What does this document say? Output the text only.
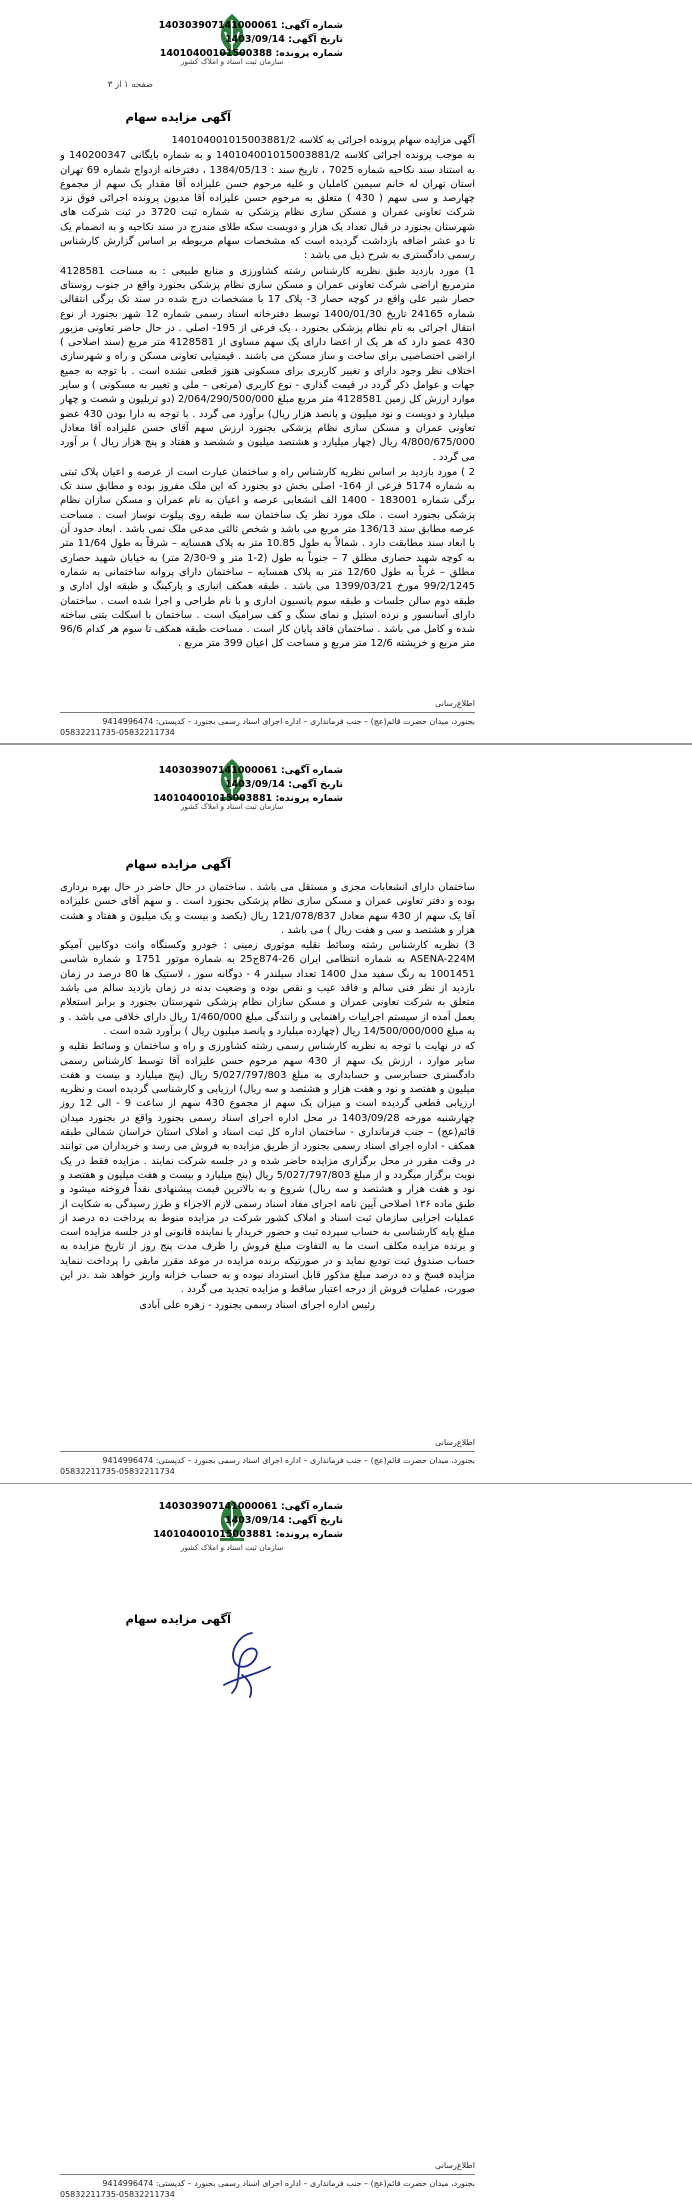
سازمان ثبت اسناد و املاک کشور
شماره آگهی: 140303907141000061
تاریخ آگهی: 1403/09/14
شماره پرونده: 14010400101500388
صفحه ۱ از ۳
آگهی مزایده سهام

آگهی مزایده سهام پرونده اجرائی به کلاسه 140104001015003881/2

به موجب پرونده اجرائی کلاسه 140104001015003881/2 و به شماره بایگانی 140200347 و به استناد سند نکاحیه شماره 7025 ، تاریخ سند : 1384/05/13 ، دفترخانه ازدواج شماره 69 تهران استان تهران له خانم سیمین کاملیان و علیه مرحوم حسن علیزاده آقا مقدار یک سهم از مجموع چهارصد و سی سهم ( 430 ) متعلق به مرحوم حسن علیزاده آقا مدیون پرونده اجرائی فوق نزد شرکت تعاونی عمران و مسکن سازی نظام پزشکی به شماره ثبت 3720 در ثبت شرکت های شهرستان بجنورد در قبال تعداد یک هزار و دویست سکه طلای مندرج در سند نکاحیه و به انضمام یک تا دو عشر اضافه بازداشت گردیده است که مشخصات سهام مربوطه بر اساس گزارش کارشناس رسمی دادگستری به شرح ذیل می باشد :

1) مورد بازدید طبق نظریه کارشناس رشته کشاورزی و منابع طبیعی : به مساحت 4128581 مترمربع اراضی شرکت تعاونی عمران و مسکن سازی نظام پزشکی بجنورد واقع در جنوب روستای حصار شیر علی واقع در کوچه حصار 3- پلاک 17 با مشخصات درج شده در سند تک برگی انتقالی شماره 24165 تاریخ 1400/01/30 توسط دفترخانه اسناد رسمی شماره 12 شهر بجنورد از نوع انتقال اجرائی به نام نظام پزشکی بجنورد ، یک فرعی از 195- اصلی . در حال حاضر تعاونی مزبور 430 عضو دارد که هر یک از اعضا دارای یک سهم مساوی از 4128581 متر مربع (سند اصلاحی ) اراضی اختصاصیی برای ساخت و ساز مسکن می باشند . قیمتیابی تعاونی مسکن و راه و شهرسازی اختلاف نظر وجود دارای و تغییر کاربری برای مسکونی هنوز قطعی نشده است . با توجه به جمیع جهات و عوامل ذکر گردد در قیمت گذاری - نوع کاربری (مرتعی – ملی و تغییر به مسکونی ) و سایر موارد ارزش کل زمین 4128581 متر مربع مبلغ 2/064/290/500/000 (دو تریلیون و شصت و چهار میلیارد و دویست و نود میلیون و پانصد هزار ریال) برآورد می گردد . با توجه به دارا بودن 430 عضو تعاونی عمران و مسکن سازی نظام پزشکی بجنورد ارزش سهم آقای حسن علیزاده آقا معادل 4/800/675/000 ریال (چهار میلیارد و هشتصد میلیون و ششصد و هفتاد و پنج هزار ریال ) بر آورد می گردد .

2 ) مورد بازدید بر اساس نظریه کارشناس راه و ساختمان عبارت است از عرصه و اعیان پلاک ثبتی به شماره 5174 فرعی از 164- اصلی بخش دو بجنورد که این ملک مفروز بوده و مطابق سند تک برگی شماره 183001 - 1400 الف انشعابی عرصه و اعیان به نام عمران و مسکن سازان نظام پزشکی بجنورد است . ملک مورد نظر یک ساختمان سه طبقه روی پیلوت نوساز است . مساحت عرصه مطابق سند 136/13 متر مربع می باشد و شخص ثالثی مدعی ملک نمی باشد . ابعاد حدود آن با ابعاد سند مطابقت دارد . شمالاً به طول 10.85 متر به پلاک همسایه – شرقاً به طول 11/64 متر به کوچه شهید حصاری مطلق 7 – جنوباً به طول (2-1 متر و 9-2/30 متر) به خیابان شهید حصاری مطلق – غرباً به طول 12/60 متر به پلاک همسایه – ساختمان دارای پروانه ساختمانی به شماره 99/2/1245 مورخ 1399/03/21 می باشد . طبقه همکف انباری و پارکینگ و طبقه اول اداری و طبقه دوم سالن جلسات و طبقه سوم پانسیون اداری و با نام طراحی و اجرا شده است . ساختمان دارای آسانسور و نرده استیل و نمای سنگ و کف سرامیک است . ساختمان با اسکلت بتنی ساخته شده و کامل می باشد . ساختمان فاقد پایان کار است . مساحت طبقه همکف تا سوم هر کدام 96/6 متر مربع و خرپشته 12/6 متر مربع و مساحت کل اعیان 399 متر مربع .

اطلاع‌رسانی
بجنورد، میدان حضرت قائم(عج) – جنب فرمانداری – اداره اجرای اسناد رسمی بجنورد – کدپستی: 9414996474
05832211735-05832211734
سازمان ثبت اسناد و املاک کشور
شماره آگهی: 140303907141000061
تاریخ آگهی: 1403/09/14
شماره پرونده: 140104001015003881
آگهی مزایده سهام

ساختمان دارای انشعابات مجزی و مستقل می باشد . ساختمان در حال حاضر در حال بهره برداری بوده و دفتر تعاونی عمران و مسکن سازی نظام پزشکی بجنورد است . و سهم آقای حسن علیزاده آقا یک سهم از 430 سهم معادل 121/078/837 ریال (یکصد و بیست و یک میلیون و هفتاد و هشت هزار و هشتصد و سی و هفت ریال ) می باشد .

3) نظریه کارشناس رشته وسائط نقلیه موتوری زمینی : خودرو وکسنگاه وانت دوکابین آمیکو ASENA-224M به شماره انتظامی ایران 26-874ج25 به شماره موتور 1751 و شماره شاسی 1001451 به رنگ سفید مدل 1400 تعداد سیلندر 4 - دوگانه سوز ، لاستیک ها 80 درصد در زمان بازدید از نظر فنی سالم و فاقد عیب و نقص بوده و وضعیت بدنه در زمان بازدید سالم می باشد متعلق به شرکت تعاونی عمران و مسکن سازان نظام پزشکی شهرستان بجنورد و برابر استعلام بعمل آمده از سیستم اجراییات راهنمایی و رانندگی مبلغ 1/460/000 ریال دارای خلافی می باشد . و به مبلغ 14/500/000/000 ریال (چهارده میلیارد و پانصد میلیون ریال ) برآورد شده است .

که در نهایت با توجه به نظریه کارشناس رسمی رشته کشاورزی و راه و ساختمان و وسائط نقلیه و سایر موارد ، ارزش یک سهم از 430 سهم مرحوم حسن علیزاده آقا توسط کارشناس رسمی دادگستری حسابرسی و حسابداری به مبلغ 5/027/797/803 ریال (پنج میلیارد و بیست و هفت میلیون و هفتصد و نود و هفت هزار و هشتصد و سه ریال) ارزیابی و کارشناسی گردیده است و نظریه ارزیابی قطعی گردیده است و میزان یک سهم از مجموع 430 سهم از ساعت 9 - الی 12 روز چهارشنبه مورخه 1403/09/28 در محل اداره اجرای اسناد رسمی بجنورد واقع در بجنورد میدان قائم(عج) – جنب فرمانداری - ساختمان اداره کل ثبت اسناد و املاک استان خراسان شمالی طبقه همکف - اداره اجرای اسناد رسمی بجنورد از طریق مزایده به فروش می رسد و خریداران می توانند در وقت مقرر در محل برگزاری مزایده حاضر شده و در جلسه شرکت نمایند . مزایده فقط در یک نوبت برگزار میگردد و از مبلغ 5/027/797/803 ریال (پنج میلیارد و بیست و هفت میلیون و هفتصد و نود و هفت هزار و هشتصد و سه ریال) شروع و به بالاترین قیمت پیشنهادی نقداً فروخته میشود و طبق ماده ۱۳۶ اصلاحی آیین نامه اجرای مفاد اسناد رسمی لازم الاجراء و طرز رسیدگی به شکایت از عملیات اجرایی سازمان ثبت اسناد و املاک کشور شرکت در مزایده منوط به پرداخت ده درصد از مبلغ پایه کارشناسی به حساب سپرده ثبت و حضور خریدار یا نماینده قانونی او در جلسه مزایده است و برنده مزایده مکلف است ما به التفاوت مبلغ فروش را ظرف مدت پنج روز از تاریخ مزایده به حساب صندوق ثبت تودیع نماید و در صورتیکه برنده مزایده در موعد مقرر مابقی را پرداخت ننماید مزایده فسخ و ده درصد مبلغ مذکور قابل استرداد نبوده و به حساب خزانه واریز خواهد شد .در این صورت، عملیات فروش از درجه اعتبار ساقط و مزایده تجدید می گردد .

رئیس اداره اجرای اسناد رسمی بجنورد - زهره علی آبادی

اطلاع‌رسانی
بجنورد، میدان حضرت قائم(عج) – جنب فرمانداری – اداره اجرای اسناد رسمی بجنورد – کدپستی: 9414996474
05832211735-05832211734
سازمان ثبت اسناد و املاک کشور
شماره آگهی: 140303907141000061
تاریخ آگهی: 1403/09/14
شماره پرونده: 140104001015003881
آگهی مزایده سهام
اطلاع‌رسانی
بجنورد، میدان حضرت قائم(عج) – جنب فرمانداری – اداره اجرای اسناد رسمی بجنورد – کدپستی: 9414996474
05832211735-05832211734
